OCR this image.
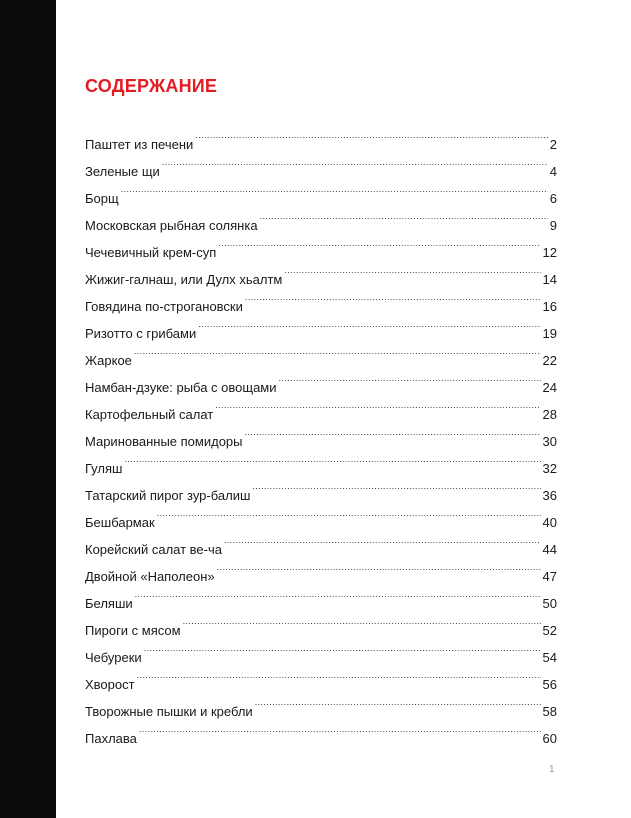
СОДЕРЖАНИЕ
Паштет из печени .....	2
Зеленые щи .....	4
Борщ .....	6
Московская рыбная солянка .....	9
Чечевичный крем-суп .....	12
Жижиг-галнаш, или Дулх хьалтм .....	14
Говядина по-строгановски .....	16
Ризотто с грибами .....	19
Жаркое .....	22
Намбан-дзуке: рыба с овощами .....	24
Картофельный салат .....	28
Маринованные помидоры .....	30
Гуляш .....	32
Татарский пирог зур-балиш .....	36
Бешбармак .....	40
Корейский салат ве-ча .....	44
Двойной «Наполеон» .....	47
Беляши .....	50
Пироги с мясом .....	52
Чебуреки .....	54
Хворост .....	56
Творожные пышки и кребли .....	58
Пахлава .....	60
1
